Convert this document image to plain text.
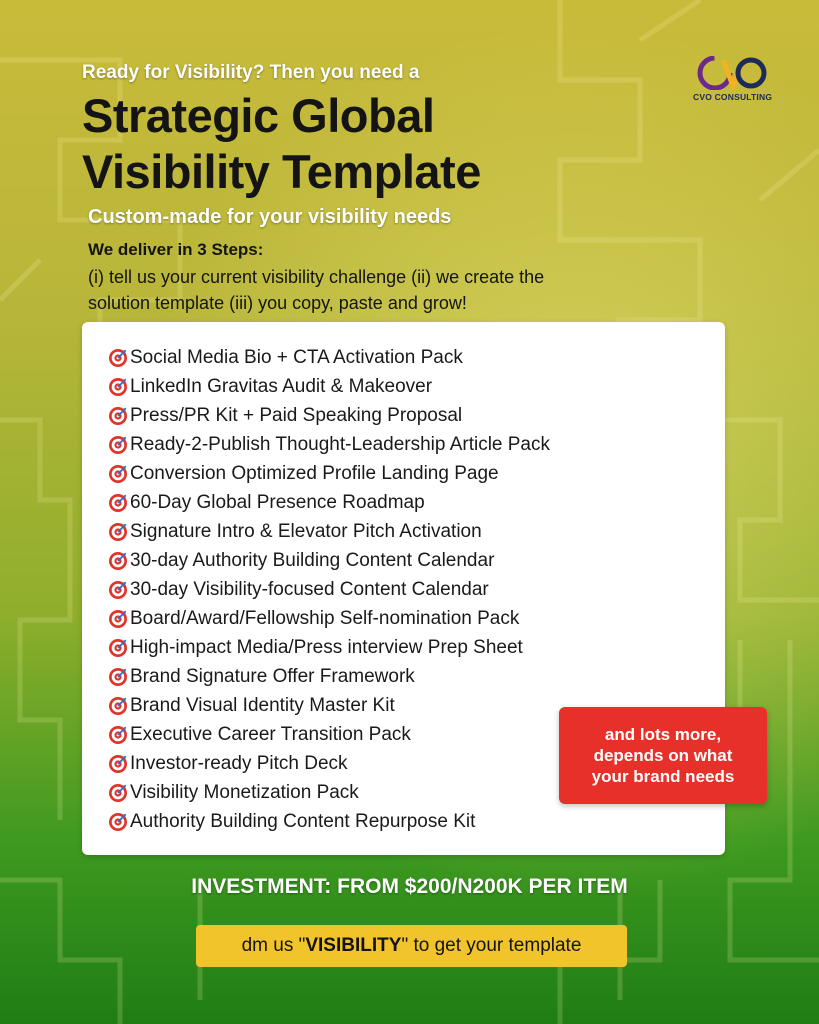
CVO CONSULTING
Ready for Visibility? Then you need a
Strategic Global
Visibility Template
Custom-made for your visibility needs
We deliver in 3 Steps:
(i) tell us your current visibility challenge (ii) we create the
solution template (iii) you copy, paste and grow!
Social Media Bio + CTA Activation Pack
LinkedIn Gravitas Audit & Makeover
Press/PR Kit + Paid Speaking Proposal
Ready-2-Publish Thought-Leadership Article Pack
Conversion Optimized Profile Landing Page
60-Day Global Presence Roadmap
Signature Intro & Elevator Pitch Activation
30-day Authority Building Content Calendar
30-day Visibility-focused Content Calendar
Board/Award/Fellowship Self-nomination Pack
High-impact Media/Press interview Prep Sheet
Brand Signature Offer Framework
Brand Visual Identity Master Kit
Executive Career Transition Pack
Investor-ready Pitch Deck
Visibility Monetization Pack
Authority Building Content Repurpose Kit
and lots more,
depends on what
your brand needs
INVESTMENT: FROM $200/N200K PER ITEM
dm us " VISIBILITY " to get your template
